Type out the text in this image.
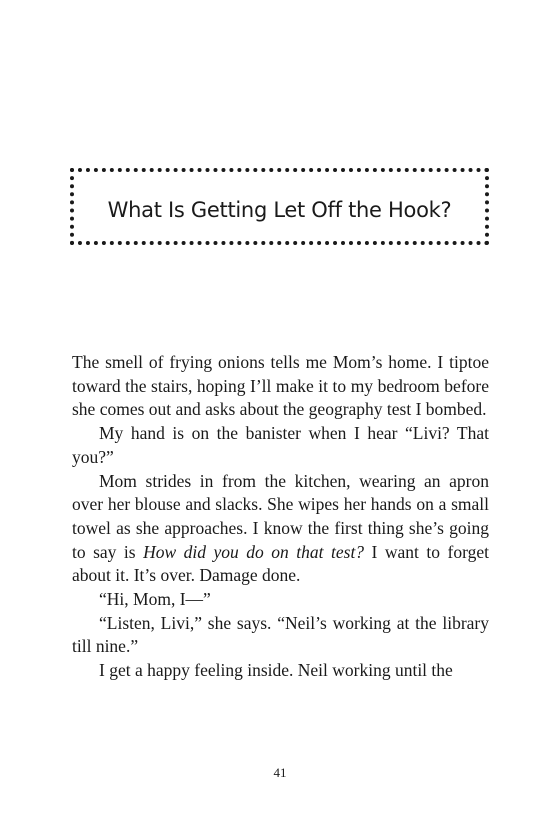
What Is Getting Let Off the Hook?

The smell of frying onions tells me Mom’s home. I tiptoe toward the stairs, hoping I’ll make it to my bedroom before she comes out and asks about the geography test I bombed.

My hand is on the banister when I hear “Livi? That you?”

Mom strides in from the kitchen, wearing an apron over her blouse and slacks. She wipes her hands on a small towel as she approaches. I know the first thing she’s going to say is How did you do on that test? I want to forget about it. It’s over. Damage done.

“Hi, Mom, I—”

“Listen, Livi,” she says. “Neil’s working at the library till nine.”

I get a happy feeling inside. Neil working until the

41
